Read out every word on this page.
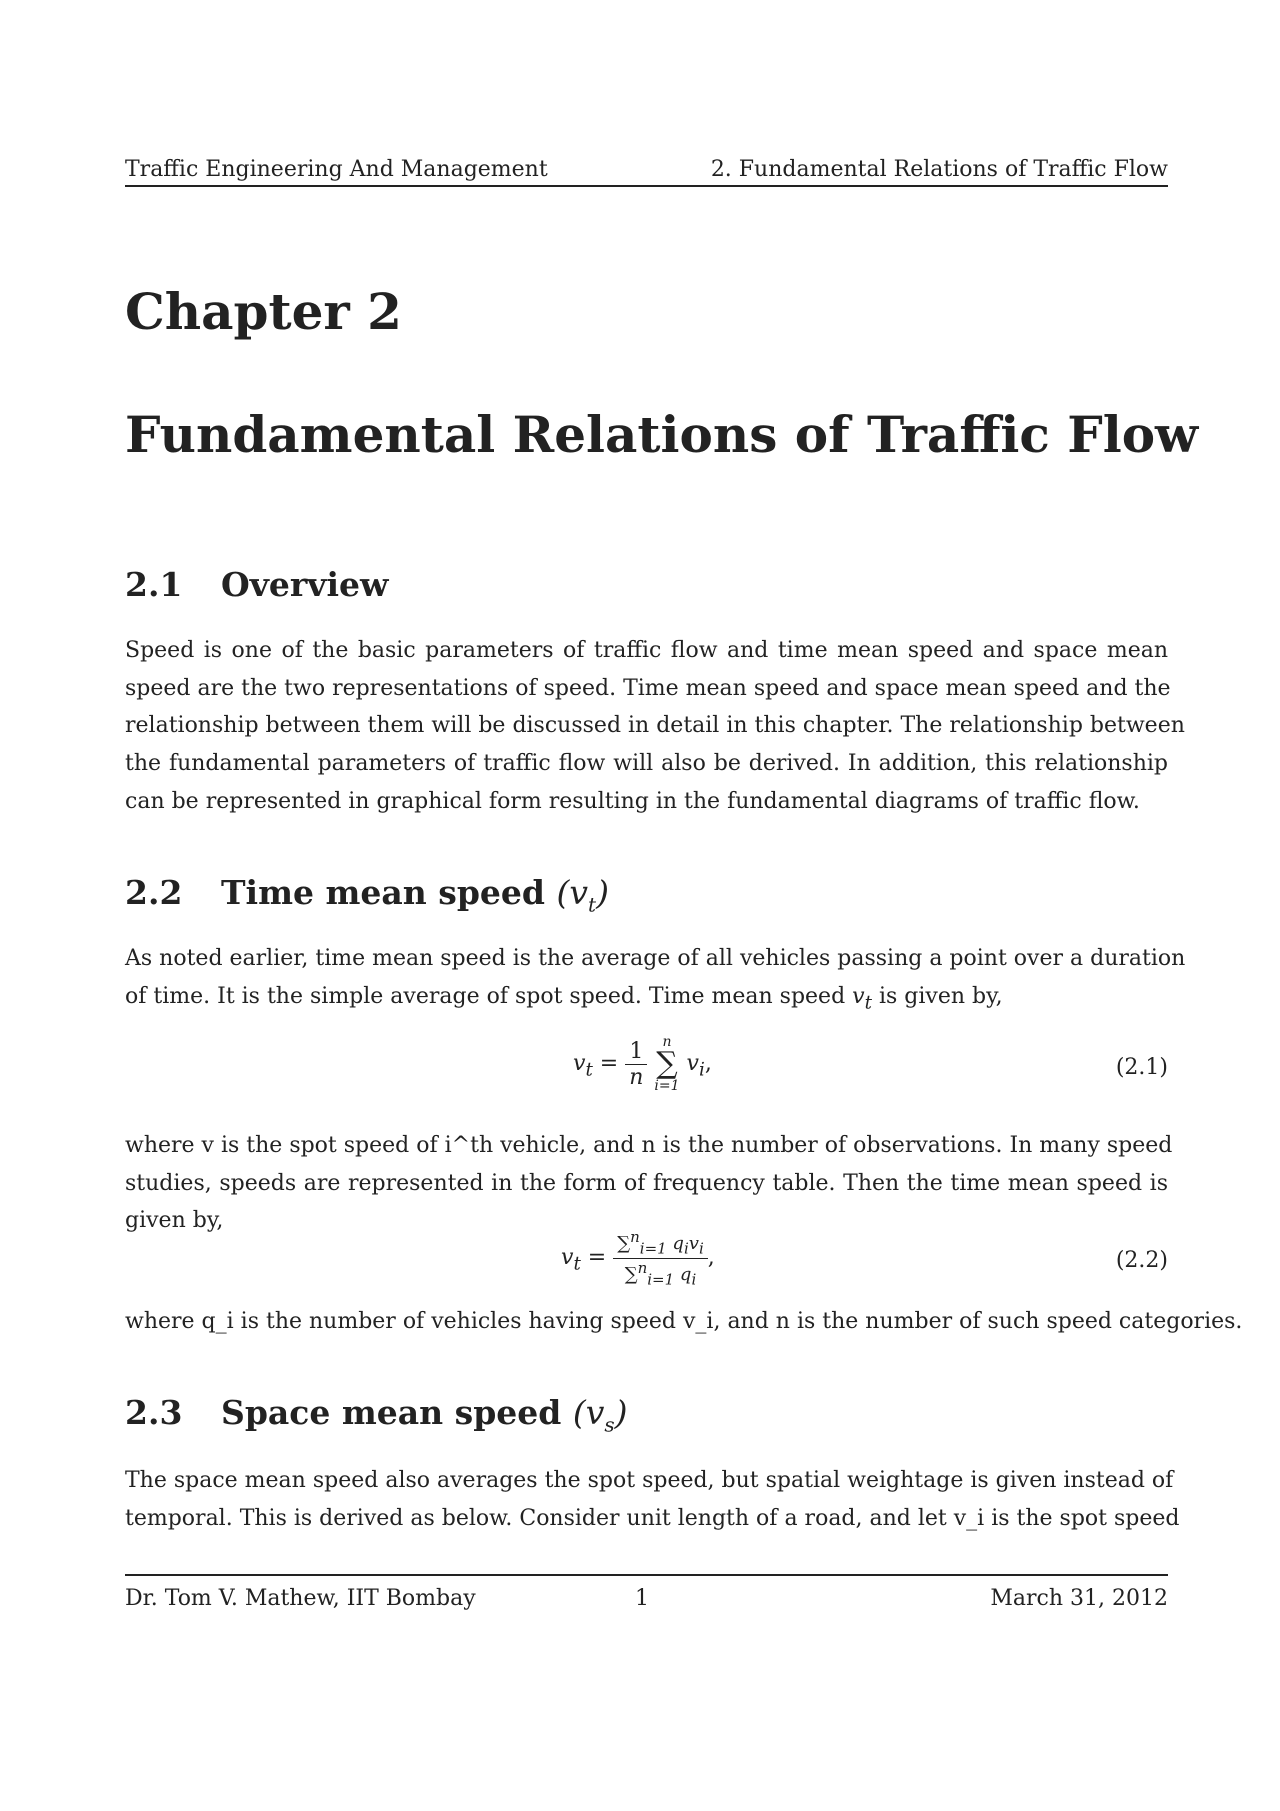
Traffic Engineering And Management	2. Fundamental Relations of Traffic Flow
Chapter 2
Fundamental Relations of Traffic Flow
2.1 Overview
Speed is one of the basic parameters of traffic flow and time mean speed and space mean
speed are the two representations of speed. Time mean speed and space mean speed and the
relationship between them will be discussed in detail in this chapter. The relationship between
the fundamental parameters of traffic flow will also be derived. In addition, this relationship
can be represented in graphical form resulting in the fundamental diagrams of traffic flow.
2.2 Time mean speed $(v_t)$
As noted earlier, time mean speed is the average of all vehicles passing a point over a duration
of time. It is the simple average of spot speed. Time mean speed $v_t$ is given by,
$v_t = \frac{1}{n}$
	n
∑
i=1
$v_i$,	(2.1)
where v is the spot speed of i^th vehicle, and n is the number of observations. In many speed
studies, speeds are represented in the form of frequency table. Then the time mean speed is
given by,
$v_t = \frac{\sum^n_{i=1} q_iv_i}{\sum^n_{i=1} q_i}$ ,	(2.2)
where q_i is the number of vehicles having speed v_i, and n is the number of such speed categories.
2.3 Space mean speed $(v_s)$
The space mean speed also averages the spot speed, but spatial weightage is given instead of
temporal. This is derived as below. Consider unit length of a road, and let v_i is the spot speed
Dr. Tom V. Mathew, IIT Bombay	1	March 31, 2012
